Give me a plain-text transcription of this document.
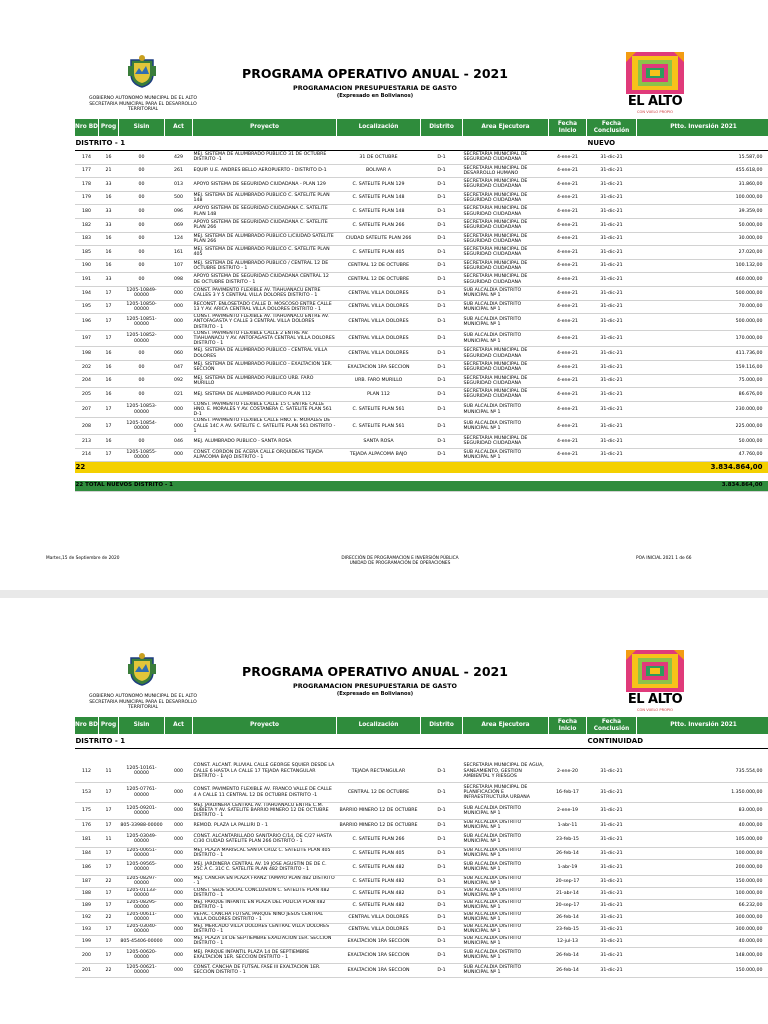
GOBIERNO AUTONOMO MUNICIPAL DE EL ALTO
SECRETARIA MUNICIPAL PARA EL DESARROLLO
TERRITORIAL
PROGRAMA OPERATIVO ANUAL - 2021
PROGRAMACION PRESUPUESTARIA DE GASTO
(Expresado en Bolivianos)	EL ALTO
CON VUELO PROPIO
Nro BD	Prog	Sisin	Act	Proyecto	Localización	Distrito	Area Ejecutora	Fecha Inicio	Fecha Conclusión	Ptto. Inversión 2021
DISTRITO - 1									NUEVO	
174	16	00	429	MEJ. SISTEMA DE ALUMBRADO PUBLICO 31 DE OCTUBRE DISTRITO -1	31 DE OCTUBRE	D-1	SECRETARIA MUNICIPAL DE SEGURIDAD CIUDADANA	4-ene-21	31-dic-21	15.587,00
177	21	00	261	EQUIP. U.E. ANDRES BELLO AEROPUERTO - DISTRITO D-1	BOLIVAR A	D-1	SECRETARIA MUNICIPAL DE DESARROLLO HUMANO	4-ene-21	31-dic-21	455.618,00
178	33	00	013	APOYO SISTEMA DE SEGURIDAD CIUDADANA - PLAN 129	C. SATELITE PLAN 129	D-1	SECRETARIA MUNICIPAL DE SEGURIDAD CIUDADANA	4-ene-21	31-dic-21	31.860,00
179	16	00	500	MEJ. SISTEMA DE ALUMBRADO PUBLICO C. SATELITE PLAN 148	C. SATELITE PLAN 148	D-1	SECRETARIA MUNICIPAL DE SEGURIDAD CIUDADANA	4-ene-21	31-dic-21	100.000,00
180	33	00	096	APOYO SISTEMA DE SEGURIDAD CIUDADANA C. SATELITE PLAN 148	C. SATELITE PLAN 148	D-1	SECRETARIA MUNICIPAL DE SEGURIDAD CIUDADANA	4-ene-21	31-dic-21	39.359,00
182	33	00	069	APOYO SISTEMA DE SEGURIDAD CIUDADANA C. SATELITE PLAN 266	C. SATELITE PLAN 266	D-1	SECRETARIA MUNICIPAL DE SEGURIDAD CIUDADANA	4-ene-21	31-dic-21	50.000,00
183	16	00	124	MEJ. SISTEMA DE ALUMBRADO PUBLICO L/CIUDAD SATELITE PLAN 266	CIUDAD SATELITE PLAN 266	D-1	SECRETARIA MUNICIPAL DE SEGURIDAD CIUDADANA	4-ene-21	31-dic-21	30.000,00
185	16	00	161	MEJ. SISTEMA DE ALUMBRADO PUBLICO C. SATELITE PLAN 405	C. SATELITE PLAN 405	D-1	SECRETARIA MUNICIPAL DE SEGURIDAD CIUDADANA	4-ene-21	31-dic-21	27.020,00
190	16	00	107	MEJ. SISTEMA DE ALUMBRADO PUBLICO / CENTRAL 12 DE OCTUBRE DISTRITO - 1	CENTRAL 12 DE OCTUBRE	D-1	SECRETARIA MUNICIPAL DE SEGURIDAD CIUDADANA	4-ene-21	31-dic-21	100.132,00
191	33	00	098	APOYO SISTEMA DE SEGURIDAD CIUDADANA CENTRAL 12 DE OCTUBRE DISTRITO - 1	CENTRAL 12 DE OCTUBRE	D-1	SECRETARIA MUNICIPAL DE SEGURIDAD CIUDADANA	4-ene-21	31-dic-21	460.000,00
194	17	1205-10849-00000	000	CONST. PAVIMENTO FLEXIBLE AV. TIAHUANACU ENTRE CALLES 3 Y 5 CENTRAL VILLA DOLORES DISTRITO - 1	CENTRAL VILLA DOLORES	D-1	SUB ALCALDIA DISTRITO MUNICIPAL Nº 1	4-ene-21	31-dic-21	500.000,00
195	17	1205-10850-00000	000	RECONST. ENLOSETADO CALLE D. MOSCOSO ENTRE CALLE 13 Y AV. ARICA CENTRAL VILLA DOLORES DISTRITO - 1	CENTRAL VILLA DOLORES	D-1	SUB ALCALDIA DISTRITO MUNICIPAL Nº 1	4-ene-21	31-dic-21	70.000,00
196	17	1205-10851-00000	000	CONST. PAVIMENTO FLEXIBLE AV. TIAHUANACU ENTRE AV. ANTOFAGASTA Y CALLE 3 CENTRAL VILLA DOLORES DISTRITO - 1	CENTRAL VILLA DOLORES	D-1	SUB ALCALDIA DISTRITO MUNICIPAL Nº 1	4-ene-21	31-dic-21	500.000,00
197	17	1205-10852-00000	000	CONST. PAVIMENTO FLEXIBLE CALLE 2 ENTRE AV. TIAHUANACU Y AV. ANTOFAGASTA CENTRAL VILLA DOLORES DISTRITO - 1	CENTRAL VILLA DOLORES	D-1	SUB ALCALDIA DISTRITO MUNICIPAL Nº 1	4-ene-21	31-dic-21	170.000,00
198	16	00	060	MEJ. SISTEMA DE ALUMBRADO PUBLICO - CENTRAL VILLA DOLORES	CENTRAL VILLA DOLORES	D-1	SECRETARIA MUNICIPAL DE SEGURIDAD CIUDADANA	4-ene-21	31-dic-21	411.736,00
202	16	00	047	MEJ. SISTEMA DE ALUMBRADO PUBLICO - EXALTACIÓN 1ER. SECCIÓN	EXALTACION 1RA SECCION	D-1	SECRETARIA MUNICIPAL DE SEGURIDAD CIUDADANA	4-ene-21	31-dic-21	159.116,00
204	16	00	092	MEJ. SISTEMA DE ALUMBRADO PUBLICO URB. FARO MURILLO	URB. FARO MURILLO	D-1	SECRETARIA MUNICIPAL DE SEGURIDAD CIUDADANA	4-ene-21	31-dic-21	75.000,00
205	16	00	021	MEJ. SISTEMA DE ALUMBRADO PUBLICO PLAN 112	PLAN 112	D-1	SECRETARIA MUNICIPAL DE SEGURIDAD CIUDADANA	4-ene-21	31-dic-21	86.676,00
207	17	1205-10853-00000	000	CONST. PAVIMENTO FLEXIBLE CALLE 15 C ENTRE CALLE HNO. E. MORALES Y AV. COSTANERA C. SATELITE PLAN 561 D-1	C. SATELITE PLAN 561	D-1	SUB ALCALDIA DISTRITO MUNICIPAL Nº 1	4-ene-21	31-dic-21	230.000,00
208	17	1205-10854-00000	000	CONST. PAVIMENTO FLEXIBLE CALLE HNO. E. MORALES DE CALLE 14C A AV. SATELITE C. SATELITE PLAN 561 DISTRITO - 1	C. SATELITE PLAN 561	D-1	SUB ALCALDIA DISTRITO MUNICIPAL Nº 1	4-ene-21	31-dic-21	225.000,00
213	16	00	046	MEJ. ALUMBRADO PUBLICO - SANTA ROSA	SANTA ROSA	D-1	SECRETARIA MUNICIPAL DE SEGURIDAD CIUDADANA	4-ene-21	31-dic-21	50.000,00
214	17	1205-10855-00000	000	CONST. CORDON DE ACERA CALLE ORQUIDEAS TEJADA ALPACOMA BAJO DISTRITO - 1	TEJADA ALPACOMA BAJO	D-1	SUB ALCALDIA DISTRITO MUNICIPAL Nº 1	4-ene-21	31-dic-21	47.760,00
22										3.834.864,00

22 TOTAL NUEVOS DISTRITO - 1										3.834.864,00
Martes,15 de Septiembre de 2020	DIRECCIÓN DE PROGRAMACION E INVERSIÓN PÚBLICA
UNIDAD DE PROGRAMACIÓN DE OPERACIONES
POA INICIAL 2021 1 de 66
GOBIERNO AUTONOMO MUNICIPAL DE EL ALTO
SECRETARIA MUNICIPAL PARA EL DESARROLLO
TERRITORIAL
PROGRAMA OPERATIVO ANUAL - 2021
PROGRAMACION PRESUPUESTARIA DE GASTO
(Expresado en Bolivianos)	EL ALTO
CON VUELO PROPIO
Nro BD	Prog	Sisin	Act	Proyecto	Localización	Distrito	Area Ejecutora	Fecha Inicio	Fecha Conclusión	Ptto. Inversión 2021
DISTRITO - 1									CONTINUIDAD	

112	11	1205-10161-00000	000	CONST. ALCANT. PLUVIAL CALLE GEORGE SQUIER DESDE LA CALLE 6 HASTA LA CALLE 17 TEJADA RECTANGULAR DISTRITO - 1	TEJADA RECTANGULAR	D-1	SECRETARIA MUNICIPAL DE AGUA, SANEAMIENTO, GESTION AMBIENTAL Y RIESGOS	2-ene-20	31-dic-21	735.554,00
153	17	1205-07761-00000	000	CONST. PAVIMENTO FLEXIBLE AV. FRANCO VALLE DE CALLE 4 A CALLE 11 CENTRAL 12 DE OCTUBRE DISTRITO -1	CENTRAL 12 DE OCTUBRE	D-1	SECRETARIA MUNICIPAL DE PLANIFICACIÓN E INFRAESTRUCTURA URBANA	16-feb-17	31-dic-21	1.350.000,00
175	17	1205-09201-00000	000	MEJ. JARDINERA CENTRAL AV. TIAHUANACU ENTRE C.M. SUBIETA Y AV. SATELITE BARRIO MINERO 12 DE OCTUBRE DISTRITO - 1	BARRIO MINERO 12 DE OCTUBRE	D-1	SUB ALCALDIA DISTRITO MUNICIPAL Nº 1	2-ene-19	31-dic-21	83.000,00
176	17	805-33988-00000	000	REMOD. PLAZA LA PALLIRI D - 1	BARRIO MINERO 12 DE OCTUBRE	D-1	SUB ALCALDIA DISTRITO MUNICIPAL Nº 1	1-abr-11	31-dic-21	40.000,00
181	11	1205-03049-00000	000	CONST. ALCANTARILLADO SANITARIO C/14, DE C/27 HASTA C/30 CIUDAD SATELITE PLAN 266 DISTRITO - 1	C. SATELITE PLAN 266	D-1	SUB ALCALDIA DISTRITO MUNICIPAL Nº 1	23-feb-15	31-dic-21	105.000,00
184	17	1205-00651-00000	000	MEJ. PLAZA MARISCAL SANTA CRUZ C. SATELITE PLAN 405 DISTRITO - 1	C. SATELITE PLAN 405	D-1	SUB ALCALDIA DISTRITO MUNICIPAL Nº 1	26-feb-14	31-dic-21	100.000,00
186	17	1205-09565-00000	000	MEJ. JARDINERA CENTRAL AV. 19 JOSE AGUSTIN DE DE C. 25C A C. 31C C. SATELITE PLAN 482 DISTRITO - 1	C. SATELITE PLAN 482	D-1	SUB ALCALDIA DISTRITO MUNICIPAL Nº 1	1-abr-19	31-dic-21	200.000,00
187	22	1205-08297-00000	000	MEJ. CANCHA EN PLAZA FRANZ TAMAYO PLAN 482 DISTRITO - 1	C. SATELITE PLAN 482	D-1	SUB ALCALDIA DISTRITO MUNICIPAL Nº 1	20-sep-17	31-dic-21	150.000,00
188	17	1205-01133-00000	000	CONST. SEDE SOCIAL CONCLUSION C. SATELITE PLAN 482 DISTRITO - 1	C. SATELITE PLAN 482	D-1	SUB ALCALDIA DISTRITO MUNICIPAL Nº 1	21-abr-14	31-dic-21	100.000,00
189	17	1205-08295-00000	000	MEJ. PARQUE INFANTIL EN PLAZA DEL POLICIA PLAN 482 DISTRITO - 1	C. SATELITE PLAN 482	D-1	SUB ALCALDIA DISTRITO MUNICIPAL Nº 1	20-sep-17	31-dic-21	66.232,00
192	22	1205-00611-00000	000	REFAC. CANCHA FUTSAL PARQUE NIÑO JESUS CENTRAL VILLA DOLORES DISTRITO - 1	CENTRAL VILLA DOLORES	D-1	SUB ALCALDIA DISTRITO MUNICIPAL Nº 1	26-feb-14	31-dic-21	300.000,00
193	17	1205-03040-00000	000	MEJ. MERCADO VILLA DOLORES CENTRAL VILLA DOLORES DISTRITO - 1	CENTRAL VILLA DOLORES	D-1	SUB ALCALDIA DISTRITO MUNICIPAL Nº 1	23-feb-15	31-dic-21	300.000,00
199	17	805-45406-00000	000	MEJ. PLAZA 14 DE SEPTIEMBRE EXALTACION 1ER. SECCION DISTRITO - 1	EXALTACION 1RA SECCION	D-1	SUB ALCALDIA DISTRITO MUNICIPAL Nº 1	12-jul-13	31-dic-21	40.000,00
200	17	1205-00620-00000	000	MEJ. PARQUE INFANTIL PLAZA 14 DE SEPTIEMBRE EXALTACION 1ER. SECCION DISTRITO - 1	EXALTACION 1RA SECCION	D-1	SUB ALCALDIA DISTRITO MUNICIPAL Nº 1	26-feb-14	31-dic-21	148.000,00
201	22	1205-00621-00000	000	CONST. CANCHA DE FUTSAL FASE III EXALTACION 1ER. SECCIÓN DISTRITO - 1	EXALTACION 1RA SECCION	D-1	SUB ALCALDIA DISTRITO MUNICIPAL Nº 1	26-feb-14	31-dic-21	150.000,00
